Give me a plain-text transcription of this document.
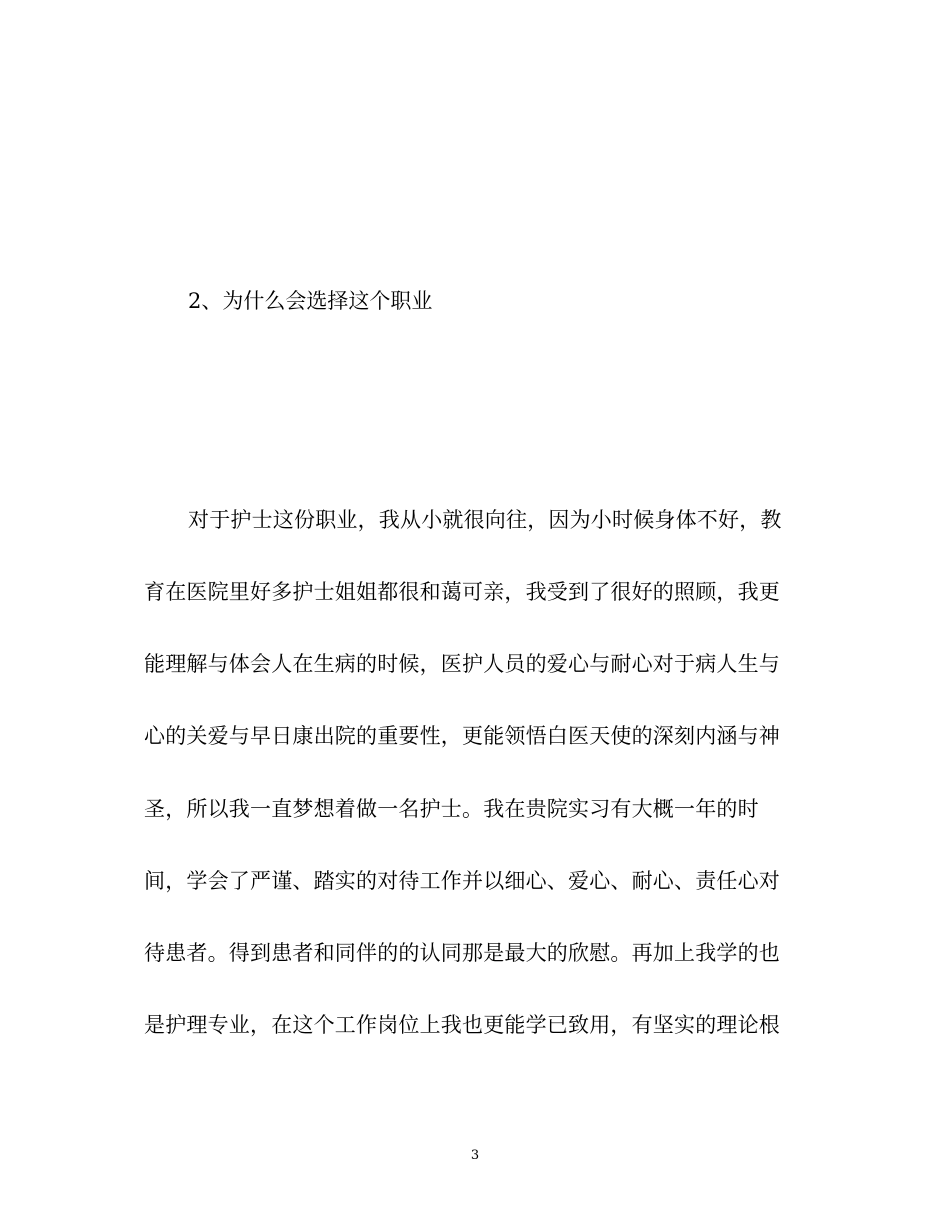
2、为什么会选择这个职业
对于护士这份职业，我从小就很向往，因为小时候身体不好，教
育在医院里好多护士姐姐都很和蔼可亲，我受到了很好的照顾，我更
能理解与体会人在生病的时候，医护人员的爱心与耐心对于病人生与
心的关爱与早日康出院的重要性，更能领悟白医天使的深刻内涵与神
圣，所以我一直梦想着做一名护士。我在贵院实习有大概一年的时
间，学会了严谨、踏实的对待工作并以细心、爱心、耐心、责任心对
待患者。得到患者和同伴的的认同那是最大的欣慰。再加上我学的也
是护理专业，在这个工作岗位上我也更能学已致用，有坚实的理论根
3
